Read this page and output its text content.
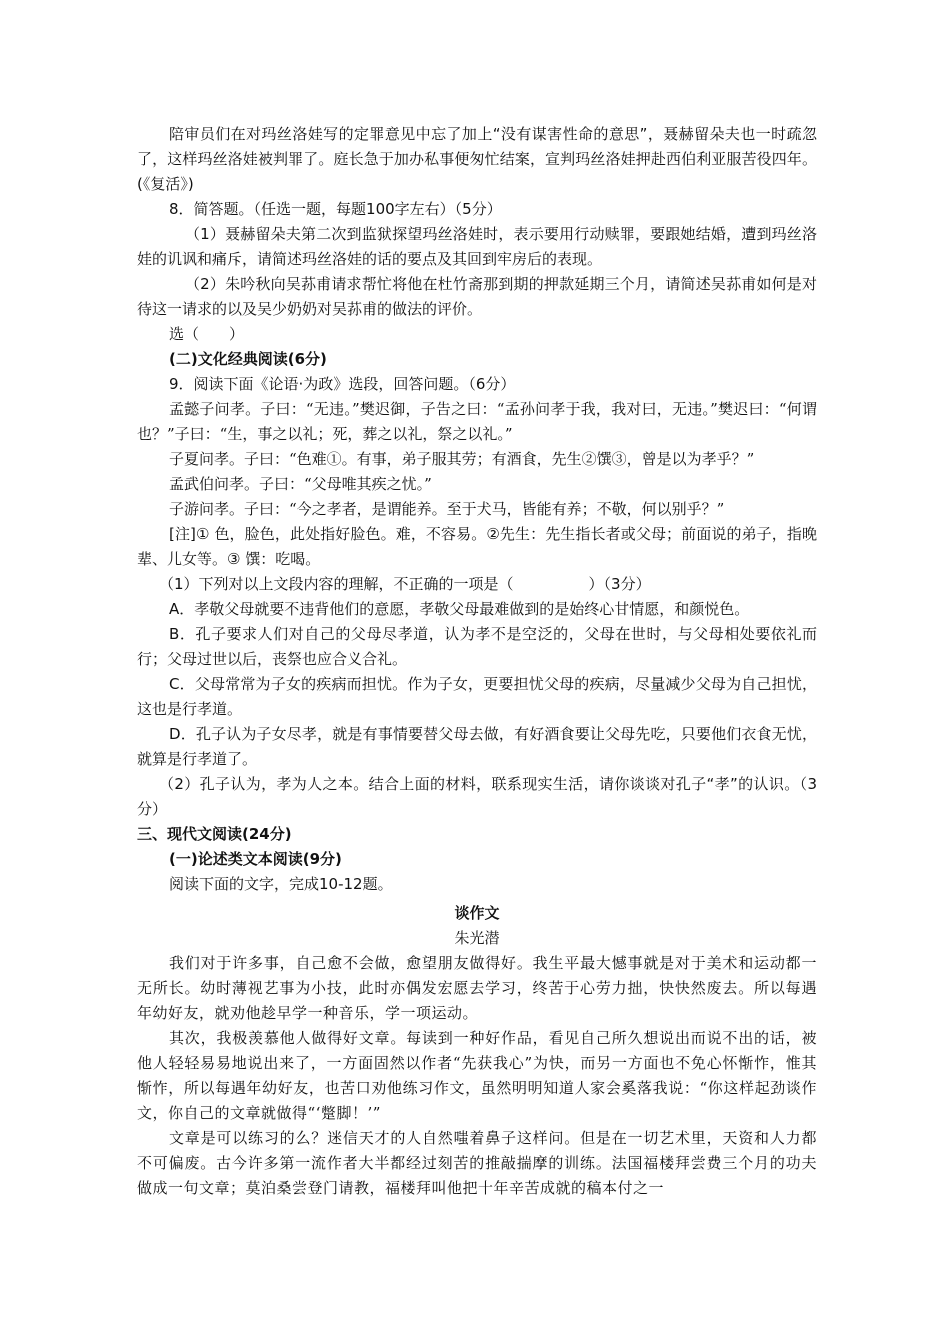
陪审员们在对玛丝洛娃写的定罪意见中忘了加上“没有谋害性命的意思”，聂赫留朵夫也一时疏忽了，这样玛丝洛娃被判罪了。庭长急于加办私事便匆忙结案，宣判玛丝洛娃押赴西伯利亚服苦役四年。(《复活》)

8．简答题。（任选一题，每题100字左右）（5分）

（1）聂赫留朵夫第二次到监狱探望玛丝洛娃时，表示要用行动赎罪，要跟她结婚，遭到玛丝洛娃的讥讽和痛斥，请简述玛丝洛娃的话的要点及其回到牢房后的表现。

（2）朱吟秋向吴荪甫请求帮忙将他在杜竹斋那到期的押款延期三个月，请简述吴荪甫如何是对待这一请求的以及吴少奶奶对吴荪甫的做法的评价。

选（　　）

(二)文化经典阅读(6分)

9．阅读下面《论语·为政》选段，回答问题。（6分）

孟懿子问孝。子曰：“无违。”樊迟御，子告之曰：“孟孙问孝于我，我对曰，无违。”樊迟曰：“何谓也？”子曰：“生，事之以礼；死，葬之以礼，祭之以礼。”

子夏问孝。子曰：“色难①。有事，弟子服其劳；有酒食，先生②馔③，曾是以为孝乎？”

孟武伯问孝。子曰：“父母唯其疾之忧。”

子游问孝。子曰：“今之孝者，是谓能养。至于犬马，皆能有养；不敬，何以别乎？”

[注]① 色，脸色，此处指好脸色。难，不容易。②先生：先生指长者或父母；前面说的弟子，指晚辈、儿女等。③ 馔：吃喝。

（1）下列对以上文段内容的理解，不正确的一项是（　　　　　）（3分）

A．孝敬父母就要不违背他们的意愿，孝敬父母最难做到的是始终心甘情愿，和颜悦色。

B．孔子要求人们对自己的父母尽孝道，认为孝不是空泛的，父母在世时，与父母相处要依礼而行；父母过世以后，丧祭也应合义合礼。

C．父母常常为子女的疾病而担忧。作为子女，更要担忧父母的疾病，尽量减少父母为自己担忧，这也是行孝道。

D．孔子认为子女尽孝，就是有事情要替父母去做，有好酒食要让父母先吃，只要他们衣食无忧，就算是行孝道了。

（2）孔子认为，孝为人之本。结合上面的材料，联系现实生活，请你谈谈对孔子“孝”的认识。（3分）

三、现代文阅读(24分)

(一)论述类文本阅读(9分)

阅读下面的文字，完成10-12题。

谈作文

朱光潜

我们对于许多事，自己愈不会做，愈望朋友做得好。我生平最大憾事就是对于美术和运动都一无所长。幼时薄视艺事为小技，此时亦偶发宏愿去学习，终苦于心劳力拙，快快然废去。所以每遇年幼好友，就劝他趁早学一种音乐，学一项运动。

其次，我极羡慕他人做得好文章。每读到一种好作品，看见自己所久想说出而说不出的话，被他人轻轻易易地说出来了，一方面固然以作者“先获我心”为快，而另一方面也不免心怀惭怍，惟其惭怍，所以每遇年幼好友，也苦口劝他练习作文，虽然明明知道人家会奚落我说：“你这样起劲谈作文，你自己的文章就做得“‘蹩脚！’”

文章是可以练习的么？迷信天才的人自然嗤着鼻子这样问。但是在一切艺术里，天资和人力都不可偏废。古今许多第一流作者大半都经过刻苦的推敲揣摩的训练。法国福楼拜尝费三个月的功夫做成一句文章；莫泊桑尝登门请教，福楼拜叫他把十年辛苦成就的稿本付之一
